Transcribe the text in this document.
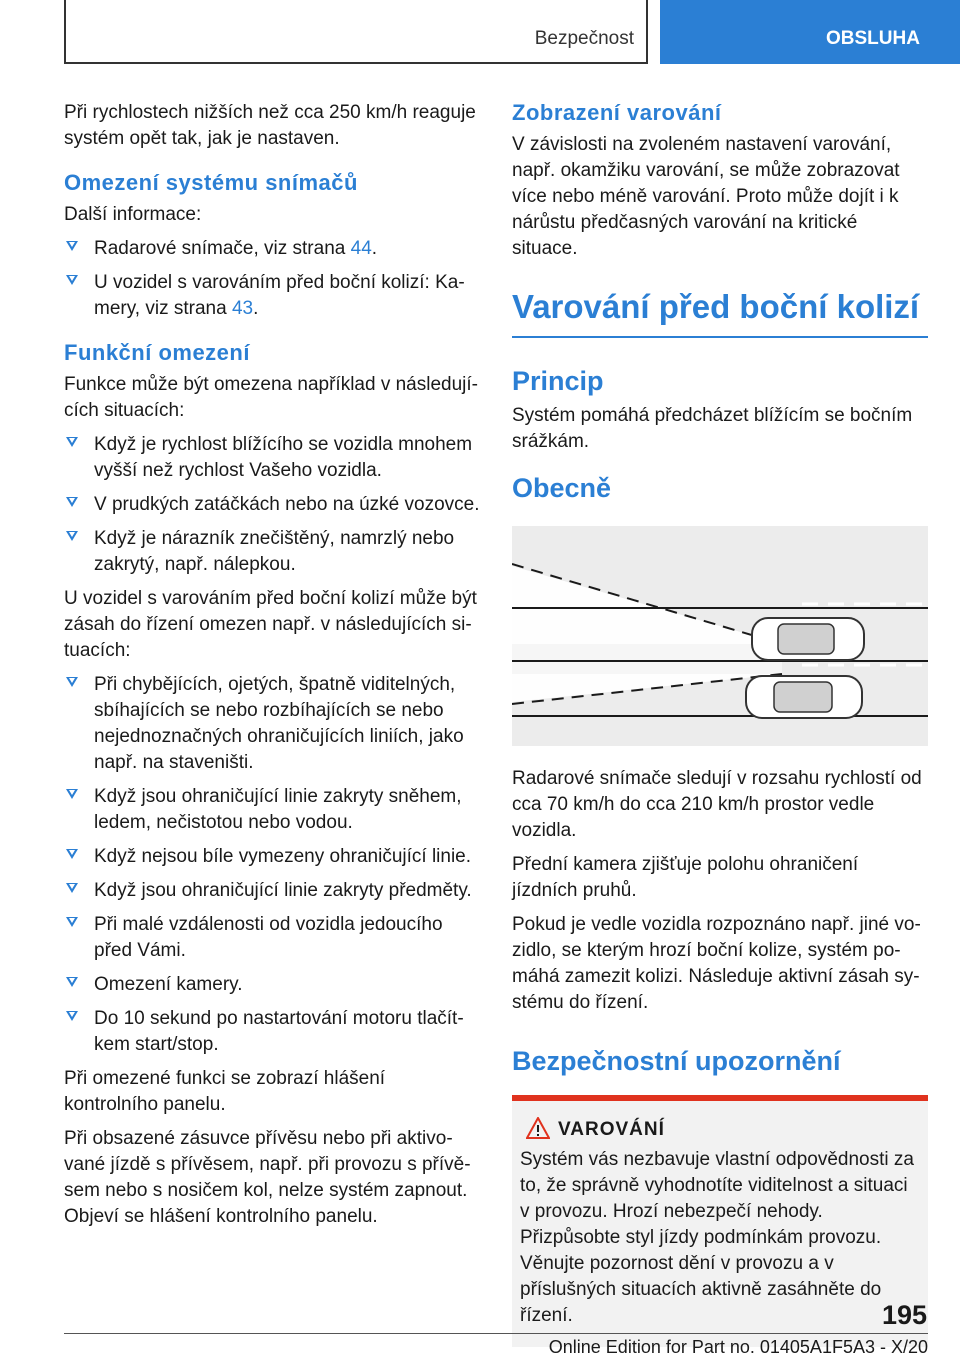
Bezpečnost	OBSLUHA

Při rychlostech nižších než cca 250 km/h reaguje systém opět tak, jak je nastaven.

Omezení systému snímačů

Další informace:

Radarové snímače, viz strana 44.
U vozidel s varováním před boční kolizí: Kamery, viz strana 43.
Funkční omezení

Funkce může být omezena například v následujících situacích:

Když je rychlost blížícího se vozidla mnohem vyšší než rychlost Vašeho vozidla.
V prudkých zatáčkách nebo na úzké vozovce.
Když je nárazník znečištěný, namrzlý nebo zakrytý, např. nálepkou.

U vozidel s varováním před boční kolizí může být zásah do řízení omezen např. v následujících situacích:

Při chybějících, ojetých, špatně viditelných, sbíhajících se nebo rozbíhajících se nebo nejednoznačných ohraničujících liniích, jako např. na staveništi.
Když jsou ohraničující linie zakryty sněhem, ledem, nečistotou nebo vodou.
Když nejsou bíle vymezeny ohraničující linie.
Když jsou ohraničující linie zakryty předměty.
Při malé vzdálenosti od vozidla jedoucího před Vámi.
Omezení kamery.
Do 10 sekund po nastartování motoru tlačítkem start/stop.

Při omezené funkci se zobrazí hlášení kontrolního panelu.

Při obsazené zásuvce přívěsu nebo při aktivované jízdě s přívěsem, např. při provozu s přívěsem nebo s nosičem kol, nelze systém zapnout. Objeví se hlášení kontrolního panelu.

Zobrazení varování

V závislosti na zvoleném nastavení varování, např. okamžiku varování, se může zobrazovat více nebo méně varování. Proto může dojít i k nárůstu předčasných varování na kritické situace.

Varování před boční kolizí
Princip

Systém pomáhá předcházet blížícím se bočním srážkám.

Obecně

Radarové snímače sledují v rozsahu rychlostí od cca 70 km/h do cca 210 km/h prostor vedle vozidla.

Přední kamera zjišťuje polohu ohraničení jízdních pruhů.

Pokud je vedle vozidla rozpoznáno např. jiné vozidlo, se kterým hrozí boční kolize, systém pomáhá zamezit kolizi. Následuje aktivní zásah systému do řízení.

Bezpečnostní upozornění
VAROVÁNÍ

Systém vás nezbavuje vlastní odpovědnosti za to, že správně vyhodnotíte viditelnost a situaci v provozu. Hrozí nebezpečí nehody. Přizpůsobte styl jízdy podmínkám provozu. Věnujte pozornost dění v provozu a v příslušných situacích aktivně zasáhněte do řízení.	195
Online Edition for Part no. 01405A1F5A3 - X/20
